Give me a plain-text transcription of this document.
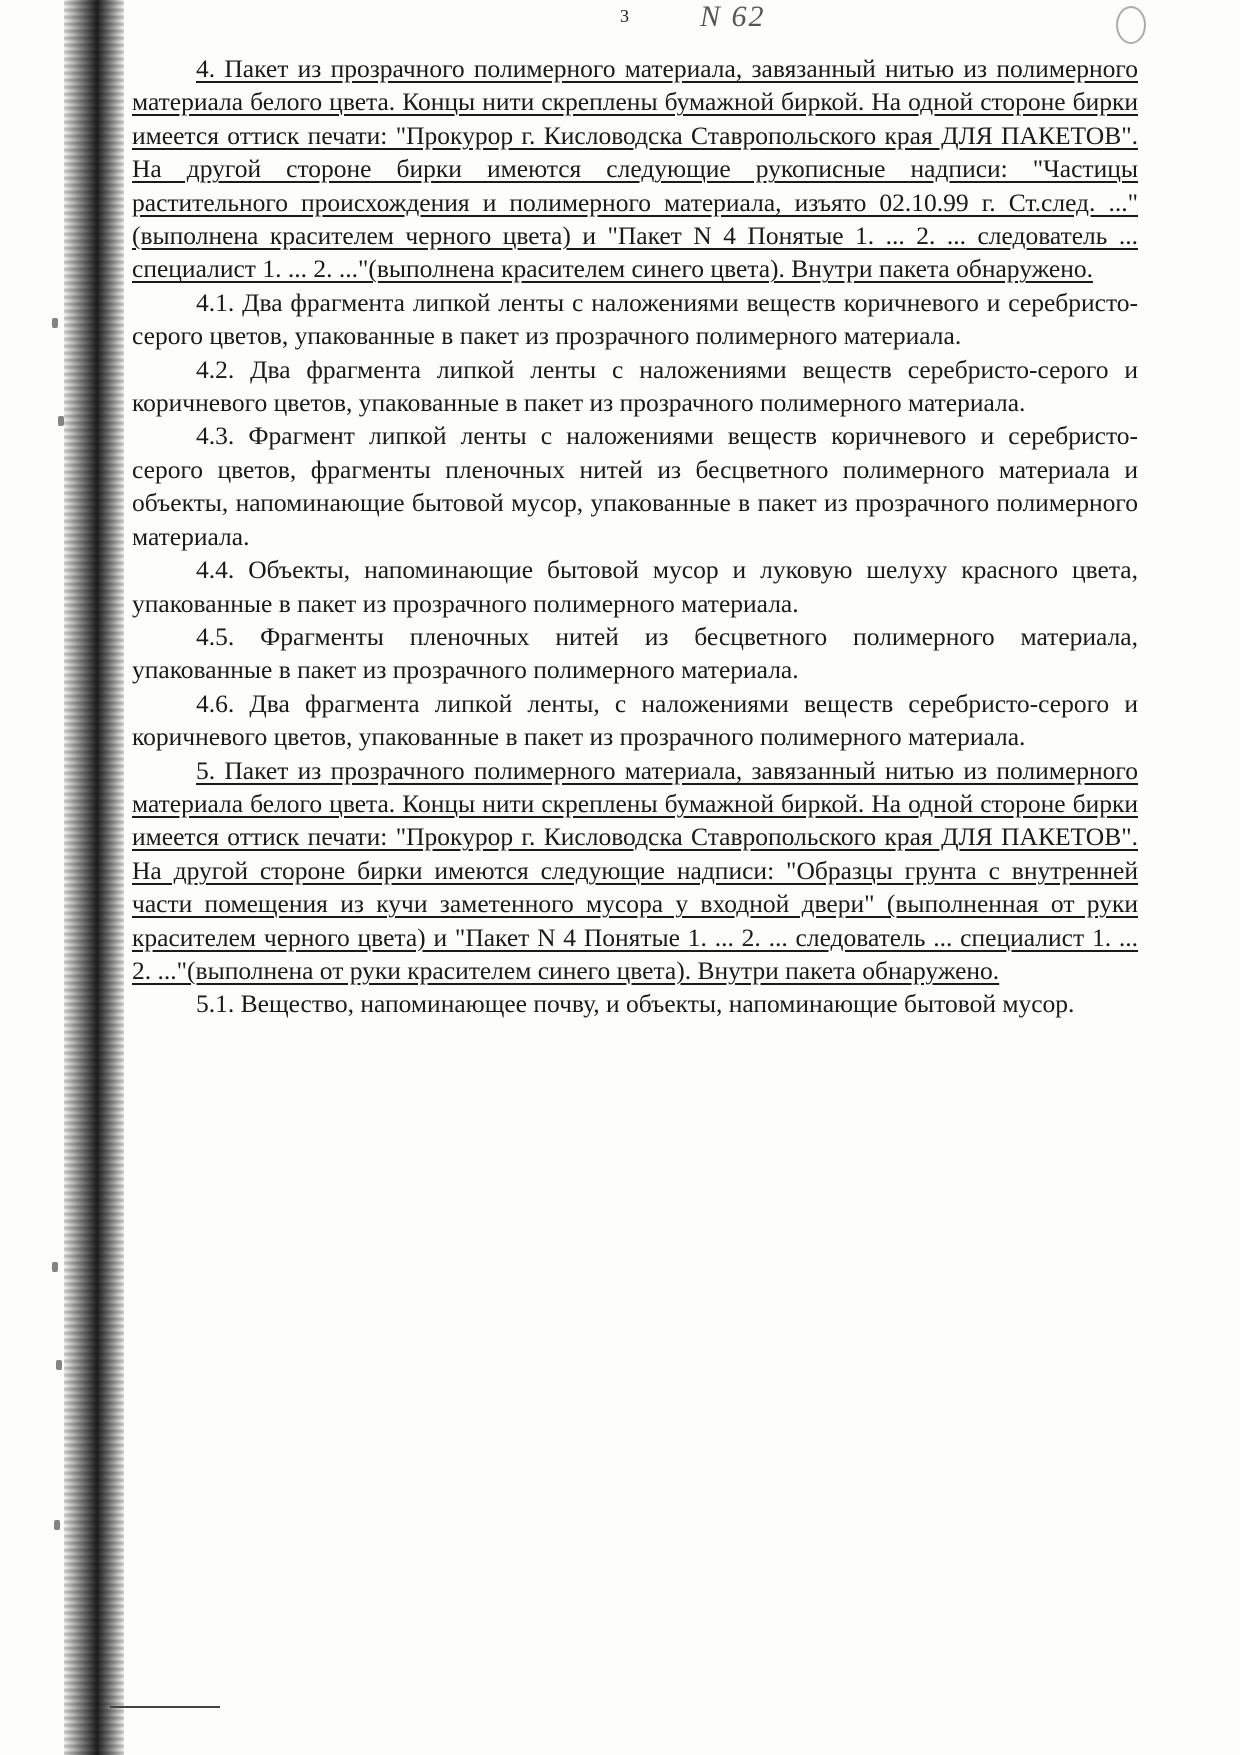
3 N 62

4. Пакет из прозрачного полимерного материала, завязанный нитью из полимерного материала белого цвета. Концы нити скреплены бумажной биркой. На одной стороне бирки имеется оттиск печати: "Прокурор г. Кисловодска Ставропольского края ДЛЯ ПАКЕТОВ". На другой стороне бирки имеются следующие рукописные надписи: "Частицы растительного происхождения и полимерного материала, изъято 02.10.99 г. Ст.след. ..." (выполнена красителем черного цвета) и "Пакет N 4 Понятые 1. ... 2. ... следователь ... специалист 1. ... 2. ..."(выполнена красителем синего цвета). Внутри пакета обнаружено.

4.1. Два фрагмента липкой ленты с наложениями веществ коричневого и серебристо-серого цветов, упакованные в пакет из прозрачного полимерного материала.

4.2. Два фрагмента липкой ленты с наложениями веществ серебристо-серого и коричневого цветов, упакованные в пакет из прозрачного полимерного материала.

4.3. Фрагмент липкой ленты с наложениями веществ коричневого и серебристо-серого цветов, фрагменты пленочных нитей из бесцветного полимерного материала и объекты, напоминающие бытовой мусор, упакованные в пакет из прозрачного полимерного материала.

4.4. Объекты, напоминающие бытовой мусор и луковую шелуху красного цвета, упакованные в пакет из прозрачного полимерного материала.

4.5. Фрагменты пленочных нитей из бесцветного полимерного материала, упакованные в пакет из прозрачного полимерного материала.

4.6. Два фрагмента липкой ленты, с наложениями веществ серебристо-серого и коричневого цветов, упакованные в пакет из прозрачного полимерного материала.

5. Пакет из прозрачного полимерного материала, завязанный нитью из полимерного материала белого цвета. Концы нити скреплены бумажной биркой. На одной стороне бирки имеется оттиск печати: "Прокурор г. Кисловодска Ставропольского края ДЛЯ ПАКЕТОВ". На другой стороне бирки имеются следующие надписи: "Образцы грунта с внутренней части помещения из кучи заметенного мусора у входной двери" (выполненная от руки красителем черного цвета) и "Пакет N 4 Понятые 1. ... 2. ... следователь ... специалист 1. ... 2. ..."(выполнена от руки красителем синего цвета). Внутри пакета обнаружено.

5.1. Вещество, напоминающее почву, и объекты, напоминающие бытовой мусор.
